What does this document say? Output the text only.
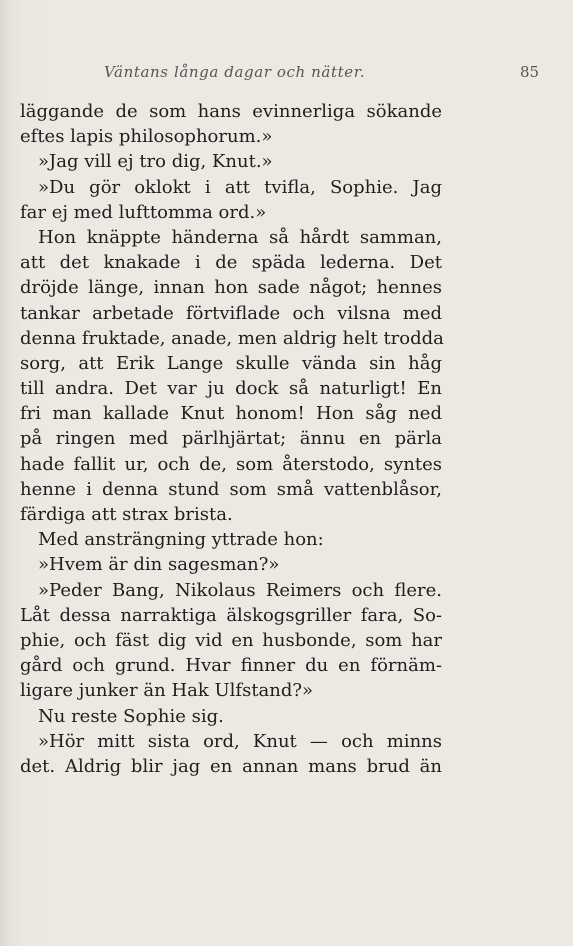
Väntans långa dagar och nätter.	85
läggande de som hans evinnerliga sökande
eftes lapis philosophorum.»
»Jag vill ej tro dig, Knut.»
»Du gör oklokt i att tvifla, Sophie. Jag
far ej med lufttomma ord.»
Hon knäppte händerna så hårdt samman,
att det knakade i de späda lederna. Det
dröjde länge, innan hon sade något; hennes
tankar arbetade förtviflade och vilsna med
denna fruktade, anade, men aldrig helt trodda
sorg, att Erik Lange skulle vända sin håg
till andra. Det var ju dock så naturligt! En
fri man kallade Knut honom! Hon såg ned
på ringen med pärlhjärtat; ännu en pärla
hade fallit ur, och de, som återstodo, syntes
henne i denna stund som små vattenblåsor,
färdiga att strax brista.
Med ansträngning yttrade hon:
»Hvem är din sagesman?»
»Peder Bang, Nikolaus Reimers och flere.
Låt dessa narraktiga älskogsgriller fara, So-
phie, och fäst dig vid en husbonde, som har
gård och grund. Hvar finner du en förnäm-
ligare junker än Hak Ulfstand?»
Nu reste Sophie sig.
»Hör mitt sista ord, Knut — och minns
det. Aldrig blir jag en annan mans brud än
